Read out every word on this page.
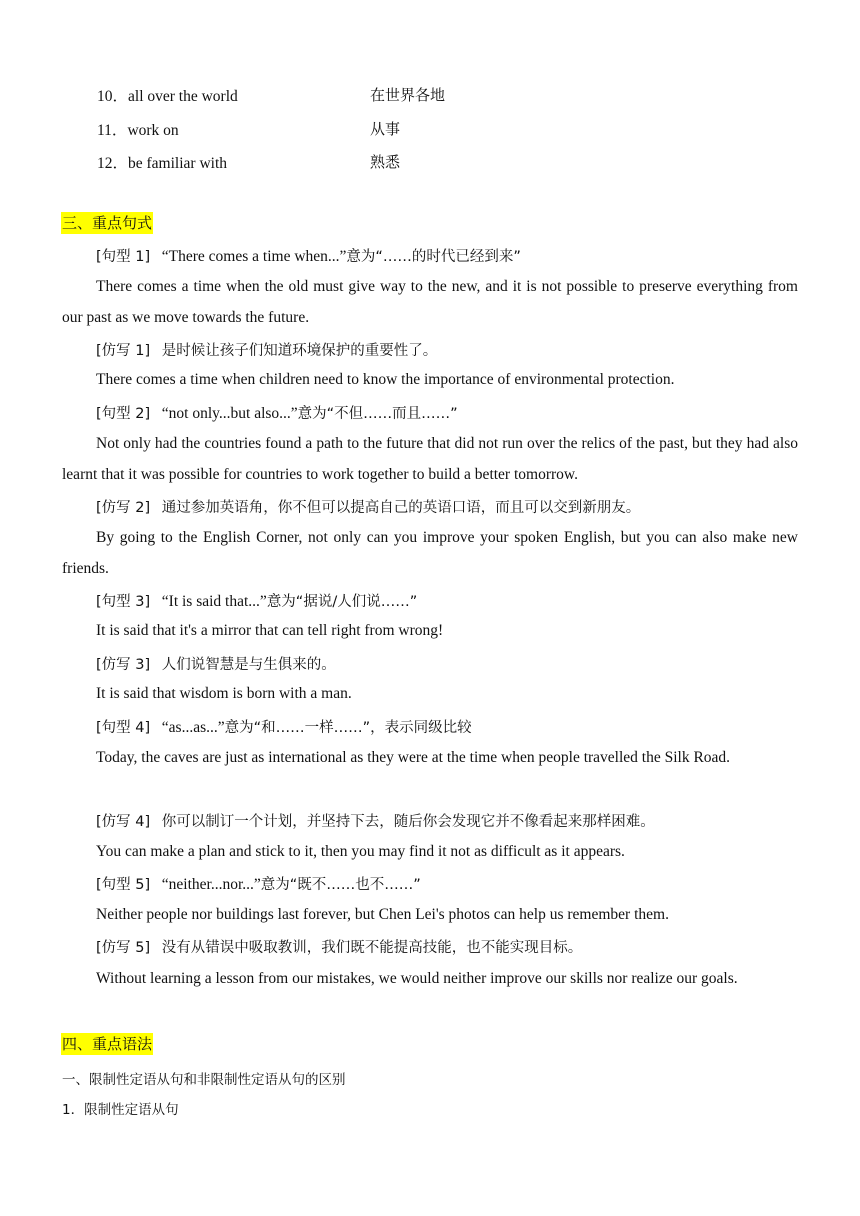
10．all over the world	在世界各地
11．work on	从事
12．be familiar with	熟悉
三、重点句式
[句型 1] “There comes a time when...”意为“……的时代已经到来”

There comes a time when the old must give way to the new, and it is not possible to preserve everything from our past as we move towards the future.

[仿写 1] 是时候让孩子们知道环境保护的重要性了。
There comes a time when children need to know the importance of environmental protection.
[句型 2] “not only...but also...”意为“不但……而且……”

Not only had the countries found a path to the future that did not run over the relics of the past, but they had also learnt that it was possible for countries to work together to build a better tomorrow.

[仿写 2] 通过参加英语角，你不但可以提高自己的英语口语，而且可以交到新朋友。

By going to the English Corner, not only can you improve your spoken English, but you can also make new friends.

[句型 3] “It is said that...”意为“据说/人们说……”
It is said that it's a mirror that can tell right from wrong!
[仿写 3] 人们说智慧是与生俱来的。
It is said that wisdom is born with a man.
[句型 4] “as...as...”意为“和……一样……”，表示同级比较

Today, the caves are just as international as they were at the time when people travelled the Silk Road.

[仿写 4] 你可以制订一个计划，并坚持下去，随后你会发现它并不像看起来那样困难。
You can make a plan and stick to it, then you may find it not as difficult as it appears.
[句型 5] “neither...nor...”意为“既不……也不……”
Neither people nor buildings last forever, but Chen Lei's photos can help us remember them.
[仿写 5] 没有从错误中吸取教训，我们既不能提高技能，也不能实现目标。

Without learning a lesson from our mistakes, we would neither improve our skills nor realize our goals.

四、重点语法
一、限制性定语从句和非限制性定语从句的区别
1．限制性定语从句
